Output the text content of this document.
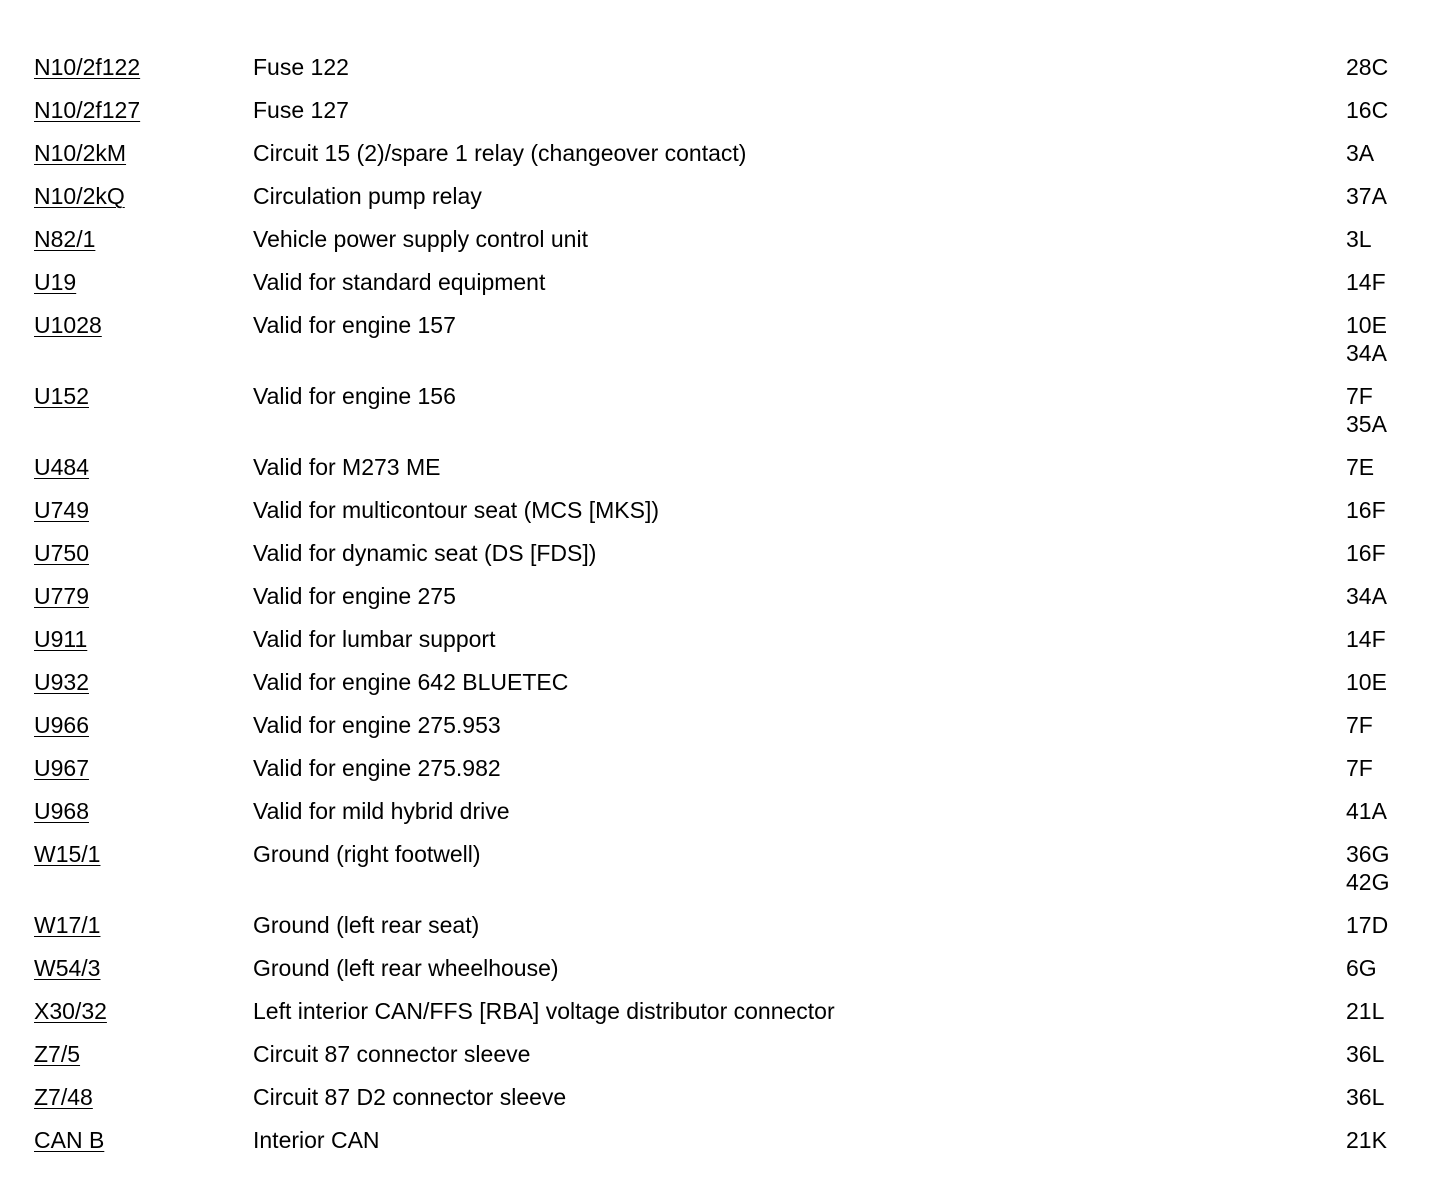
N10/2f122	Fuse 122	28C

N10/2f127	Fuse 127	16C

N10/2kM	Circuit 15 (2)/spare 1 relay (changeover contact)	3A

N10/2kQ	Circulation pump relay	37A

N82/1	Vehicle power supply control unit	3L

U19	Valid for standard equipment	14F

U1028	Valid for engine 157	10E
34A

U152	Valid for engine 156	7F
35A

U484	Valid for M273 ME	7E

U749	Valid for multicontour seat (MCS [MKS])	16F

U750	Valid for dynamic seat (DS [FDS])	16F

U779	Valid for engine 275	34A

U911	Valid for lumbar support	14F

U932	Valid for engine 642 BLUETEC	10E

U966	Valid for engine 275.953	7F

U967	Valid for engine 275.982	7F

U968	Valid for mild hybrid drive	41A

W15/1	Ground (right footwell)	36G
42G

W17/1	Ground (left rear seat)	17D

W54/3	Ground (left rear wheelhouse)	6G

X30/32	Left interior CAN/FFS [RBA] voltage distributor connector	21L

Z7/5	Circuit 87 connector sleeve	36L

Z7/48	Circuit 87 D2 connector sleeve	36L

CAN B	Interior CAN	21K
